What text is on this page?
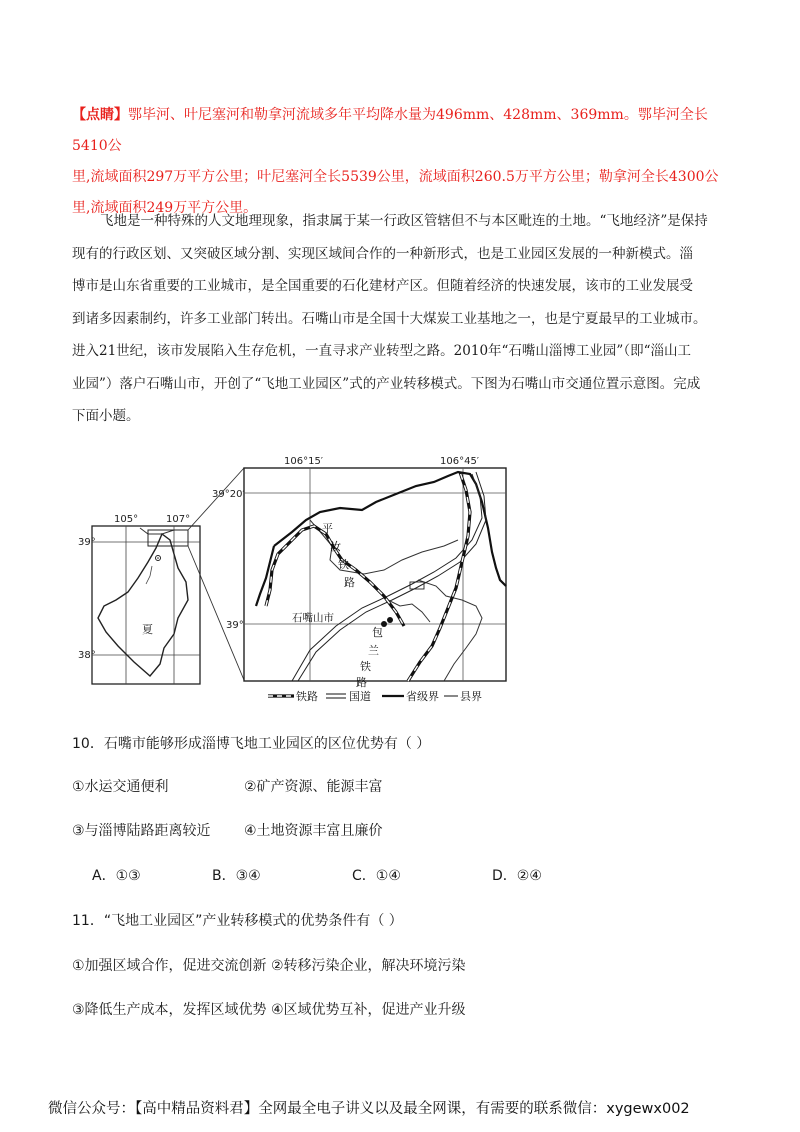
【点睛】鄂毕河、叶尼塞河和勒拿河流域多年平均降水量为496mm、428mm、369mm。鄂毕河全长5410公
里,流域面积297万平方公里；叶尼塞河全长5539公里，流域面积260.5万平方公里；勒拿河全长4300公
里,流域面积249万平方公里。
飞地是一种特殊的人文地理现象，指隶属于某一行政区管辖但不与本区毗连的土地。“飞地经济”是保持
现有的行政区划、又突破区域分割、实现区域间合作的一种新形式，也是工业园区发展的一种新模式。淄
博市是山东省重要的工业城市，是全国重要的石化建材产区。但随着经济的快速发展，该市的工业发展受
到诸多因素制约，许多工业部门转出。石嘴山市是全国十大煤炭工业基地之一，也是宁夏最早的工业城市。
进入21世纪，该市发展陷入生存危机，一直寻求产业转型之路。2010年“石嘴山淄博工业园”（即“淄山工
业园”）落户石嘴山市，开创了“飞地工业园区”式的产业转移模式。下图为石嘴山市交通位置示意图。完成
下面小题。
105°	107°
39°
38°
夏
106°15′	106°45′
39°20′
39°
石嘴山市
平
汝
铁
路
包
兰
铁
路
铁路	国道	省级界 县界
10．石嘴市能够形成淄博飞地工业园区的区位优势有（ ）
①水运交通便利	②矿产资源、能源丰富
③与淄博陆路距离较近 ④土地资源丰富且廉价
A．①③	B．③④	C．①④	D．②④
11．“飞地工业园区”产业转移模式的优势条件有（ ）
①加强区域合作，促进交流创新 ②转移污染企业，解决环境污染
③降低生产成本，发挥区域优势 ④区域优势互补，促进产业升级
微信公众号：【高中精品资料君】全网最全电子讲义以及最全网课，有需要的联系微信：xygewx002
